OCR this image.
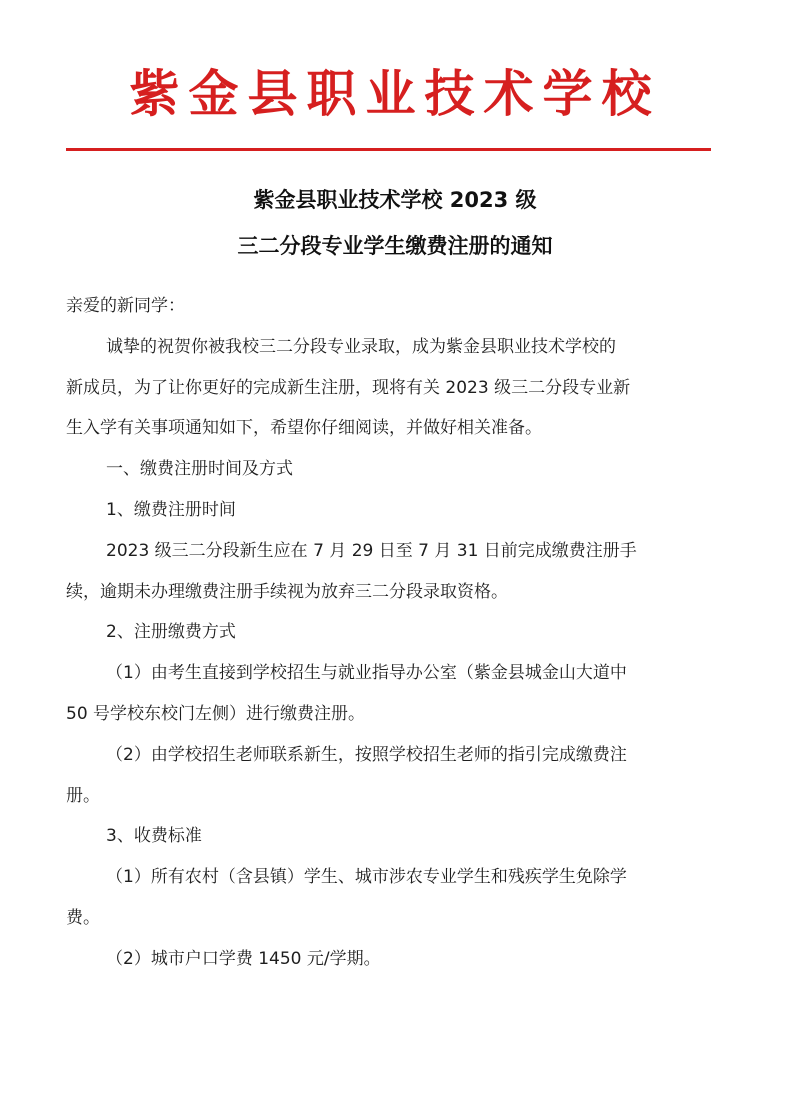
紫金县职业技术学校
紫金县职业技术学校 2023 级
三二分段专业学生缴费注册的通知

亲爱的新同学：

诚挚的祝贺你被我校三二分段专业录取，成为紫金县职业技术学校的

新成员，为了让你更好的完成新生注册，现将有关 2023 级三二分段专业新

生入学有关事项通知如下，希望你仔细阅读，并做好相关准备。

一、缴费注册时间及方式

1、缴费注册时间

2023 级三二分段新生应在 7 月 29 日至 7 月 31 日前完成缴费注册手

续，逾期未办理缴费注册手续视为放弃三二分段录取资格。

2、注册缴费方式

（1）由考生直接到学校招生与就业指导办公室（紫金县城金山大道中

50 号学校东校门左侧）进行缴费注册。

（2）由学校招生老师联系新生，按照学校招生老师的指引完成缴费注

册。

3、收费标准

（1）所有农村（含县镇）学生、城市涉农专业学生和残疾学生免除学

费。

（2）城市户口学费 1450 元/学期。
